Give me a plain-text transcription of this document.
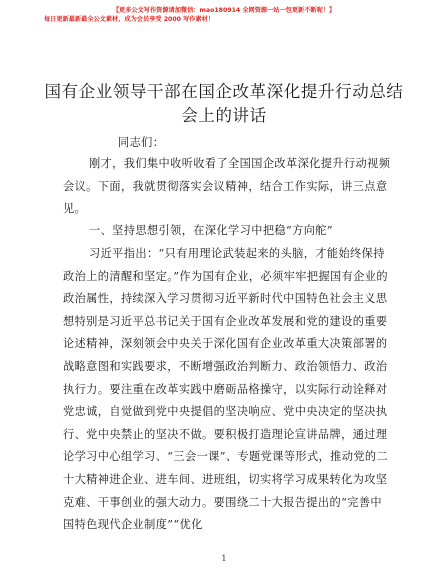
【更多公文写作资源请加微信：mao180914 全网资源一站一包更新不断呢！】

每日更新最新最全公文素材，成为会员享受 2000 写作素材！
国有企业领导干部在国企改革深化提升行动总结会上的讲话
同志们：
刚才，我们集中收听收看了全国国企改革深化提升行动视频会议。下面，我就贯彻落实会议精神，结合工作实际，讲三点意见。
一、坚持思想引领，在深化学习中把稳“方向舵”
习近平指出：“只有用理论武装起来的头脑，才能始终保持政治上的清醒和坚定。”作为国有企业，必须牢牢把握国有企业的政治属性，持续深入学习贯彻习近平新时代中国特色社会主义思想特别是习近平总书记关于国有企业改革发展和党的建设的重要论述精神，深刻领会中央关于深化国有企业改革重大决策部署的战略意图和实践要求，不断增强政治判断力、政治领悟力、政治执行力。要注重在改革实践中磨砺品格操守，以实际行动诠释对党忠诚，自觉做到党中央提倡的坚决响应、党中央决定的坚决执行、党中央禁止的坚决不做。要积极打造理论宣讲品牌，通过理论学习中心组学习、“三会一课”、专题党课等形式，推动党的二十大精神进企业、进车间、进班组，切实将学习成果转化为攻坚克难、干事创业的强大动力。要围绕二十大报告提出的“完善中国特色现代企业制度”“优化
1
